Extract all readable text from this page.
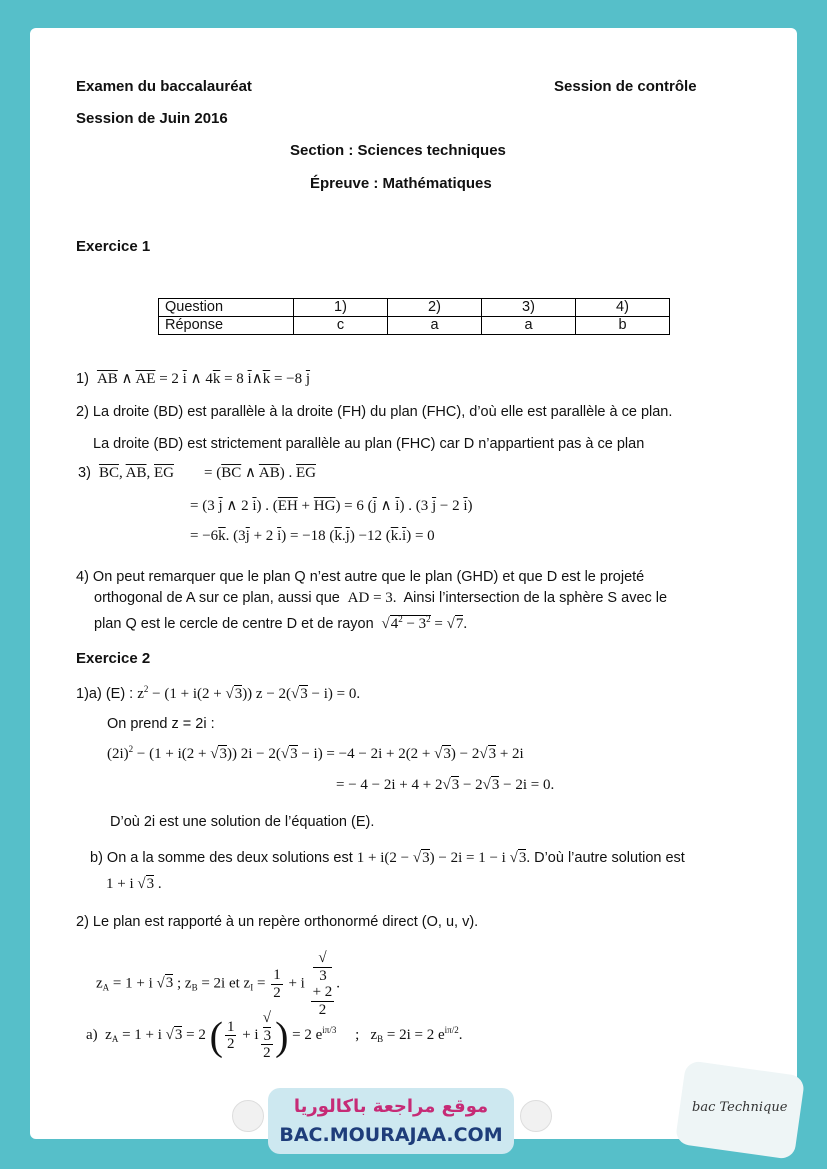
Examen du baccalauréat	Session de contrôle
Session de Juin 2016
Section : Sciences techniques
Épreuve : Mathématiques
Exercice 1
Question	1)	2)	3)	4)
Réponse	c	a	a	b
1)  $\overline{AB}$ ∧ $\overline{AE} = 2$ $\overline{i}$ ∧ $4\overline{k} = 8$ $\overline{i}\wedge\overline{k} = -8$ $\overline{j}$
2) La droite (BD) est parallèle à la droite (FH) du plan (FHC), d’où elle est parallèle à ce plan.
La droite (BD) est strictement parallèle au plan (FHC) car D n’appartient pas à ce plan
3)  $\overline{BC}$, $\overline{AB}$, $\overline{EG}$        = ($\overline{BC}$ ∧ $\overline{AB}$) . $\overline{EG}$
= (3 $\overline{j}$ ∧ 2 $\overline{i}$) . $(\overline{EH} + \overline{HG}) = 6$ ($\overline{j}$ ∧ $\overline{i}$) . (3 $\overline{j} - 2$ $\overline{i}$)
= $-6\overline{k}$. ($3\overline{j} + 2$ $\overline{i}) = -18$ $(\overline{k}.\overline{j}) -12$ $(\overline{k}.\overline{i}) = 0$
4) On peut remarquer que le plan Q n’est autre que le plan (GHD) et que D est le projeté
orthogonal de A sur ce plan, aussi que  AD = 3.  Ainsi l’intersection de la sphère S avec le
plan Q est le cercle de centre D et de rayon  $√4^2 - 3^2 = √7$.
Exercice 2
1)a) (E) : $z^2 - (1 + i(2 + √3)) z - 2(√3 - i) = 0$.
On prend z = 2i :
$(2i)^2 - (1 + i(2 + √3)) 2i - 2(√3 - i) = -4 - 2i + 2(2 + √3) - 2√3 + 2i$
= − 4 − 2i + 4 + 2√3 − 2√3 − 2i = 0.
D’où 2i est une solution de l’équation (E).
b) On a la somme des deux solutions est 1 + i(2 − √3) − 2i = 1 − i √3. D’où l’autre solution est
1 + i √3 .
2) Le plan est rapporté à un repère orthonormé direct (O, u, v).
$z_A = 1 + i$ √3 ; $z_B = 2i$ et $z_I = \frac{1}{2} + i$ √
3
+ 2
2 .
a)  $z_A = 1 + i$ √3 = 2 ( $\frac{1}{2} + i$ √
3
2 ) = 2 $e^{i\pi/3}$     ;   $z_B = 2i = 2$ $e^{i\pi/2}$.
موقع مراجعة باكالوريا
BAC.MOURAJAA.COM
bac Technique
